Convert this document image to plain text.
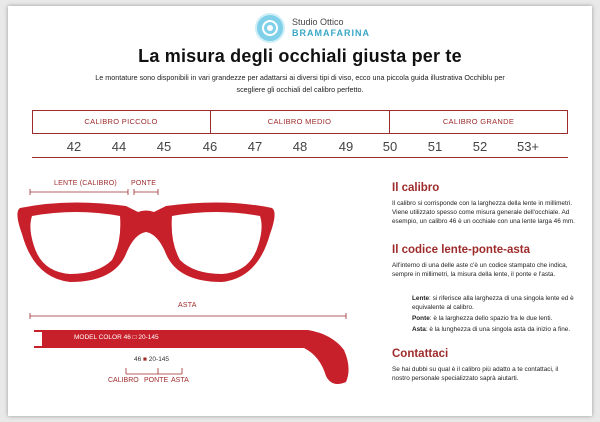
Studio Ottico
BRAMAFARINA
La misura degli occhiali giusta per te
Le montature sono disponibili in vari grandezze per adattarsi ai diversi tipi di viso, ecco una piccola guida illustrativa Occhiblu per scegliere gli occhiali del calibro perfetto.
CALIBRO PICCOLO	CALIBRO MEDIO	CALIBRO GRANDE
42	44	45	46	47	48	49	50	51	52	53+
LENTE (CALIBRO) PONTE
ASTA
MODEL COLOR 46 □ 20-145
46 ■ 20-145
CALIBRO PONTE ASTA
Il calibro
Il calibro si corrisponde con la larghezza della lente in millimetri. Viene utilizzato spesso come misura generale dell'occhiale. Ad esempio, un calibro 46 è un occhiale con una lente larga 46 mm.
Il codice lente-ponte-asta
All'interno di una delle aste c'è un codice stampato che indica, sempre in millimetri, la misura della lente, il ponte e l'asta.
Lente: si riferisce alla larghezza di una singola lente ed è equivalente al calibro.
Ponte: è la larghezza dello spazio fra le due lenti.
Asta: è la lunghezza di una singola asta da inizio a fine.
Contattaci
Se hai dubbi su qual è il calibro più adatto a te contattaci, il nostro personale specializzato saprà aiutarti.
